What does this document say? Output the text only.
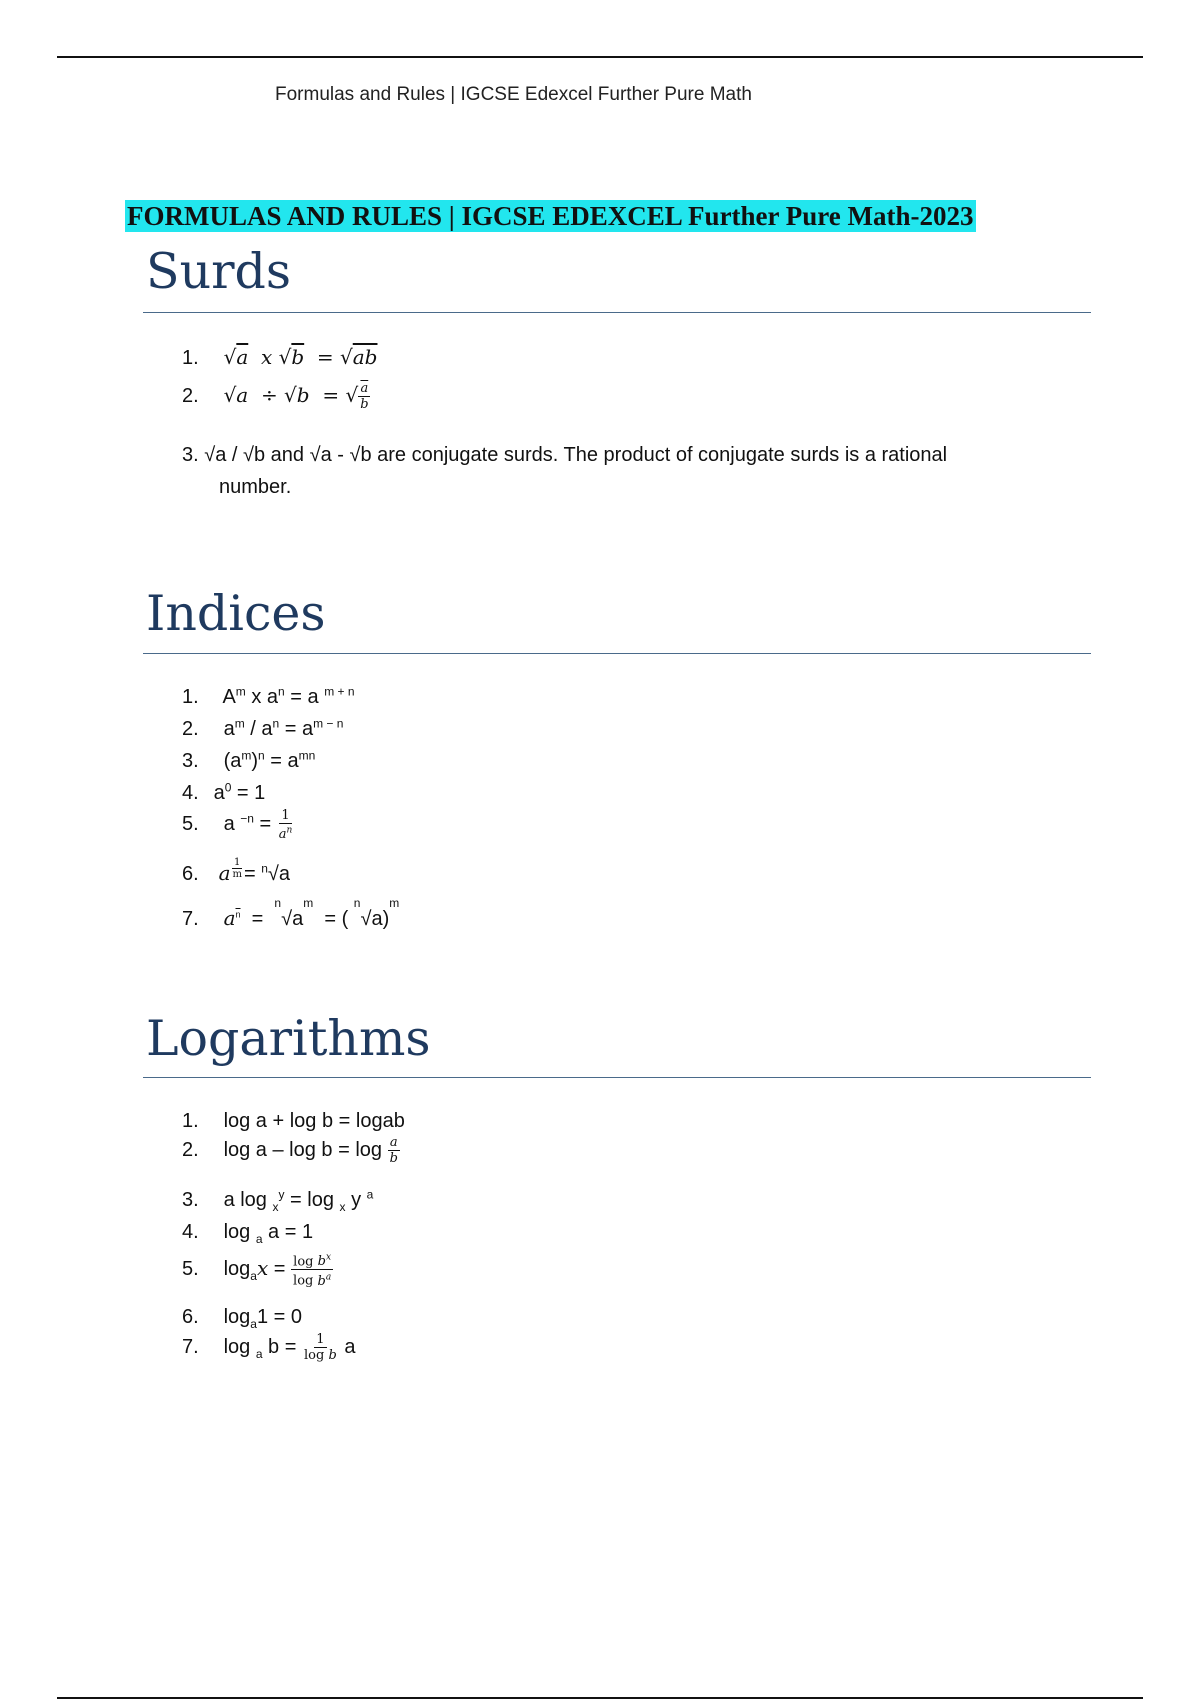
Formulas and Rules | IGCSE Edexcel Further Pure Math
FORMULAS AND RULES | IGCSE EDEXCEL Further Pure Math-2023
Surds
1. √a  x √b  = √ab
2. √a  ÷ √b  = √ $\frac{a}{b}$
3. √a / √b and √a - √b are conjugate surds. The product of conjugate surds is a rational
number.
Indices
1. $A^m$ x $a^n = a$ $^{m + n}$
2. $a^m / a^n = a^{m - n}$
3. $(a^m)^n = a^{mn}$
4. $a^0 = 1$
5. a $^{-n} = \frac{1}{a^n}$
6. a $\frac{1}{m} = ^n√a$
7. $a^{\overline{n}} = ^n√a^m$  = ( $^n$√a)$^m$
Logarithms
1. log a + log b = logab
2. $\log a - \log b = \log \frac{a}{b}$
3. a log $_x^y$ = log $_x$ y $^a$
4. log $_a$ a = 1
5. $\log_ax = \frac{\log b^x}{\log b^a}$
6. $\log_a1 = 0$
7. log $_a$ $b = \frac{1}{\text{log b}}$ a
